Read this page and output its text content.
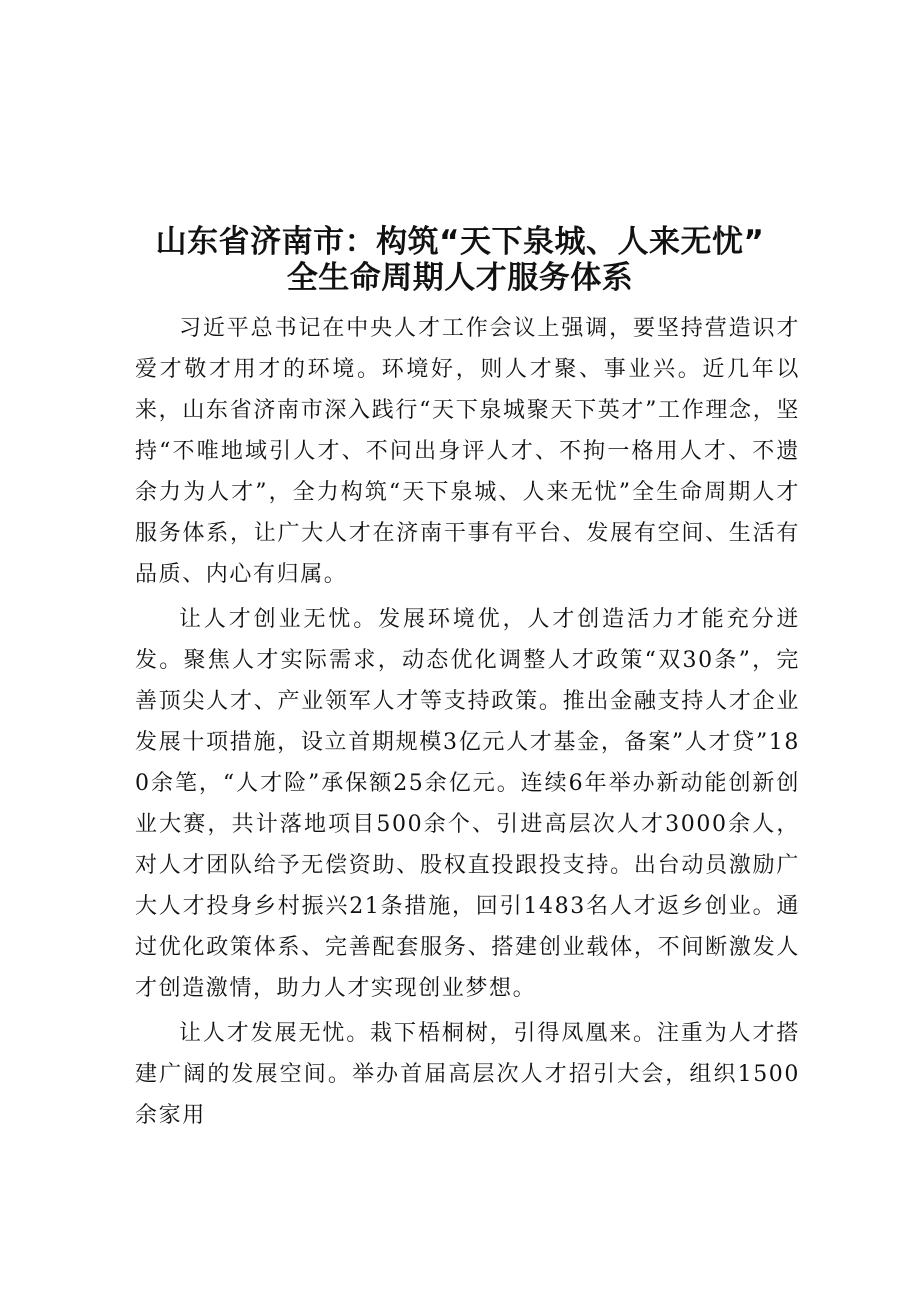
山东省济南市：构筑“天下泉城、人来无忧”
全生命周期人才服务体系

习近平总书记在中央人才工作会议上强调，要坚持营造识才爱才敬才用才的环境。环境好，则人才聚、事业兴。近几年以来，山东省济南市深入践行“天下泉城聚天下英才”工作理念，坚持“不唯地域引人才、不问出身评人才、不拘一格用人才、不遗余力为人才”，全力构筑“天下泉城、人来无忧”全生命周期人才服务体系，让广大人才在济南干事有平台、发展有空间、生活有品质、内心有归属。

让人才创业无忧。发展环境优，人才创造活力才能充分迸发。聚焦人才实际需求，动态优化调整人才政策“双30条”，完善顶尖人才、产业领军人才等支持政策。推出金融支持人才企业发展十项措施，设立首期规模3亿元人才基金，备案”人才贷”180余笔，“人才险”承保额25余亿元。连续6年举办新动能创新创业大赛，共计落地项目500余个、引进高层次人才3000余人，对人才团队给予无偿资助、股权直投跟投支持。出台动员激励广大人才投身乡村振兴21条措施，回引1483名人才返乡创业。通过优化政策体系、完善配套服务、搭建创业载体，不间断激发人才创造激情，助力人才实现创业梦想。

让人才发展无忧。栽下梧桐树，引得凤凰来。注重为人才搭建广阔的发展空间。举办首届高层次人才招引大会，组织1500余家用
